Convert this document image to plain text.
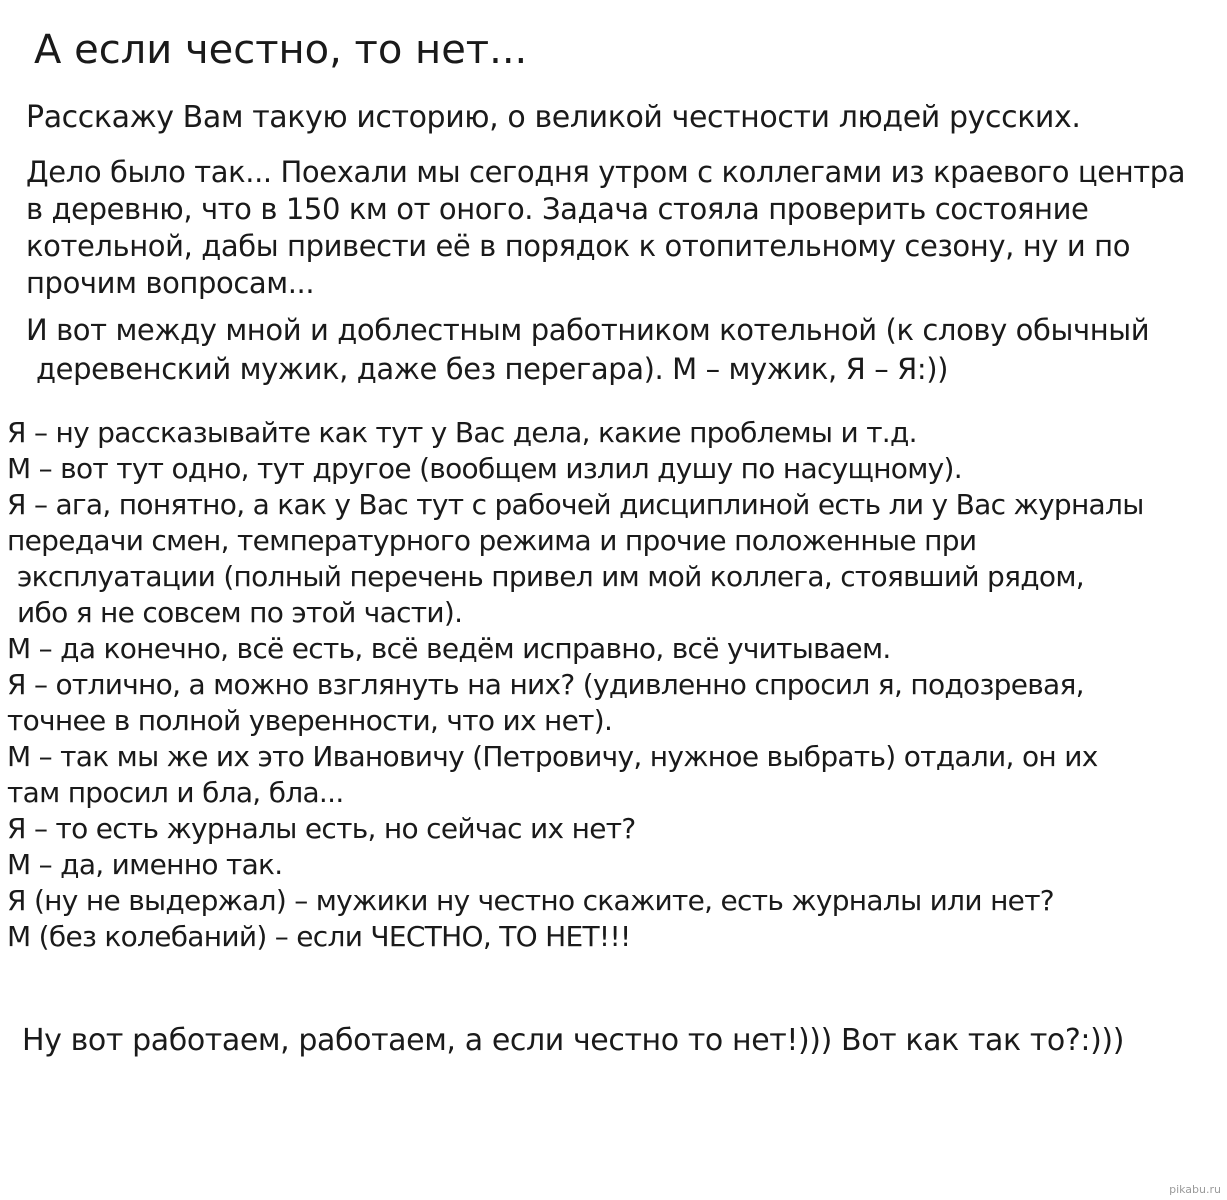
А если честно, то нет...
Расскажу Вам такую историю, о великой честности людей русских.
Дело было так... Поехали мы сегодня утром с коллегами из краевого центра
в деревню, что в 150 км от оного. Задача стояла проверить состояние
котельной, дабы привести её в порядок к отопительному сезону, ну и по
прочим вопросам...
И вот между мной и доблестным работником котельной (к слову обычный
деревенский мужик, даже без перегара). М – мужик, Я – Я:))
Я – ну рассказывайте как тут у Вас дела, какие проблемы и т.д.
М – вот тут одно, тут другое (вообщем излил душу по насущному).
Я – ага, понятно, а как у Вас тут с рабочей дисциплиной есть ли у Вас журналы
передачи смен, температурного режима и прочие положенные при
эксплуатации (полный перечень привел им мой коллега, стоявший рядом,
ибо я не совсем по этой части).
М – да конечно, всё есть, всё ведём исправно, всё учитываем.
Я – отлично, а можно взглянуть на них? (удивленно спросил я, подозревая,
точнее в полной уверенности, что их нет).
М – так мы же их это Ивановичу (Петровичу, нужное выбрать) отдали, он их
там просил и бла, бла...
Я – то есть журналы есть, но сейчас их нет?
М – да, именно так.
Я (ну не выдержал) – мужики ну честно скажите, есть журналы или нет?
М (без колебаний) – если ЧЕСТНО, ТО НЕТ!!!
Ну вот работаем, работаем, а если честно то нет!))) Вот как так то?:)))
pikabu.ru
